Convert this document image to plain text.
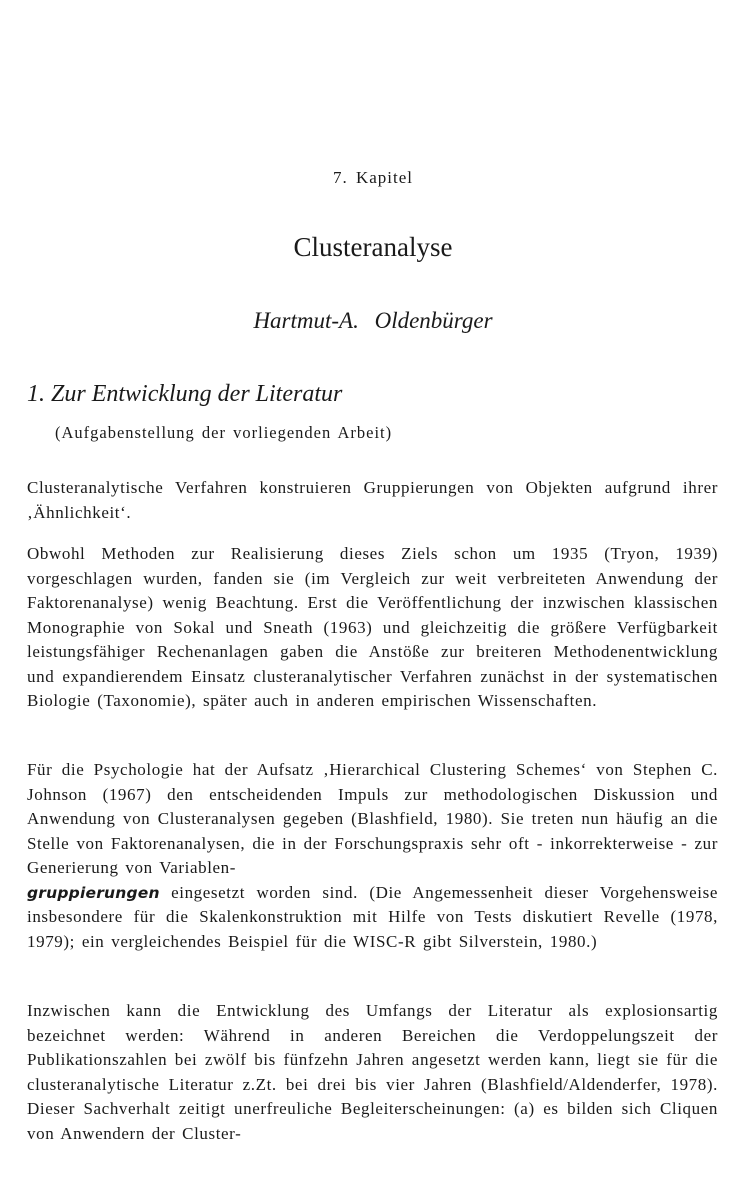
7. Kapitel
Clusteranalyse
Hartmut-A. Oldenbürger
1. Zur Entwicklung der Literatur
(Aufgabenstellung der vorliegenden Arbeit)

Clusteranalytische Verfahren konstruieren Gruppierungen von Objekten aufgrund ihrer ‚Ähnlichkeit‘.

Obwohl Methoden zur Realisierung dieses Ziels schon um 1935 (Tryon, 1939) vorgeschlagen wurden, fanden sie (im Vergleich zur weit verbreiteten Anwendung der Faktorenanalyse) wenig Beachtung. Erst die Veröffentlichung der inzwischen klassischen Monographie von Sokal und Sneath (1963) und gleichzeitig die größere Verfügbarkeit leistungsfähiger Rechenanlagen gaben die Anstöße zur breiteren Methodenentwicklung und expandierendem Einsatz clusteranalytischer Verfahren zunächst in der systematischen Biologie (Taxonomie), später auch in anderen empirischen Wissenschaften.

Für die Psychologie hat der Aufsatz ‚Hierarchical Clustering Schemes‘ von Stephen C. Johnson (1967) den entscheidenden Impuls zur methodologischen Diskussion und Anwendung von Clusteranalysen gegeben (Blashfield, 1980). Sie treten nun häufig an die Stelle von Faktorenanalysen, die in der Forschungspraxis sehr oft - inkorrekterweise - zur Generierung von Variablen-
gruppierungen eingesetzt worden sind. (Die Angemessenheit dieser Vorgehensweise insbesondere für die Skalenkonstruktion mit Hilfe von Tests diskutiert Revelle (1978, 1979); ein vergleichendes Beispiel für die WISC-R gibt Silverstein, 1980.)

Inzwischen kann die Entwicklung des Umfangs der Literatur als explosionsartig bezeichnet werden: Während in anderen Bereichen die Verdoppelungszeit der Publikationszahlen bei zwölf bis fünfzehn Jahren angesetzt werden kann, liegt sie für die clusteranalytische Literatur z.Zt. bei drei bis vier Jahren (Blashfield/Aldenderfer, 1978). Dieser Sachverhalt zeitigt unerfreuliche Begleiterscheinungen: (a) es bilden sich Cliquen von Anwendern der Cluster-
